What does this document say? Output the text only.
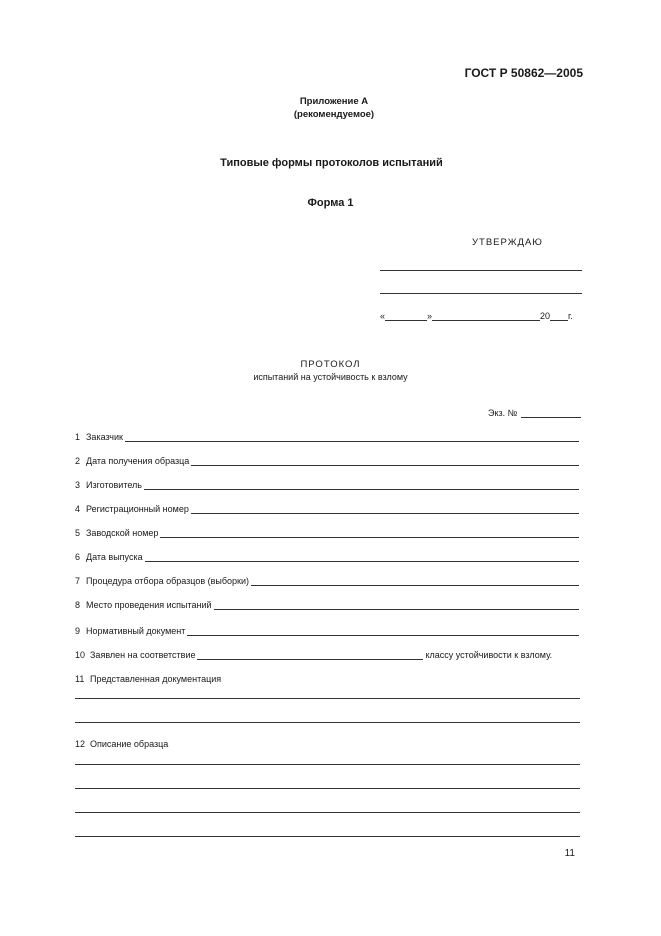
ГОСТ Р 50862—2005
Приложение А
(рекомендуемое)
Типовые формы протоколов испытаний
Форма 1
УТВЕРЖДАЮ
«	»	20 г.
ПРОТОКОЛ
испытаний на устойчивость к взлому
Экз. №
1 Заказчик
2 Дата получения образца
3 Изготовитель
4 Регистрационный номер
5 Заводской номер
6 Дата выпуска
7 Процедура отбора образцов (выборки)
8 Место проведения испытаний
9 Нормативный документ
10 Заявлен на соответствие	классу устойчивости к взлому.
11 Представленная документация
12 Описание образца
11
